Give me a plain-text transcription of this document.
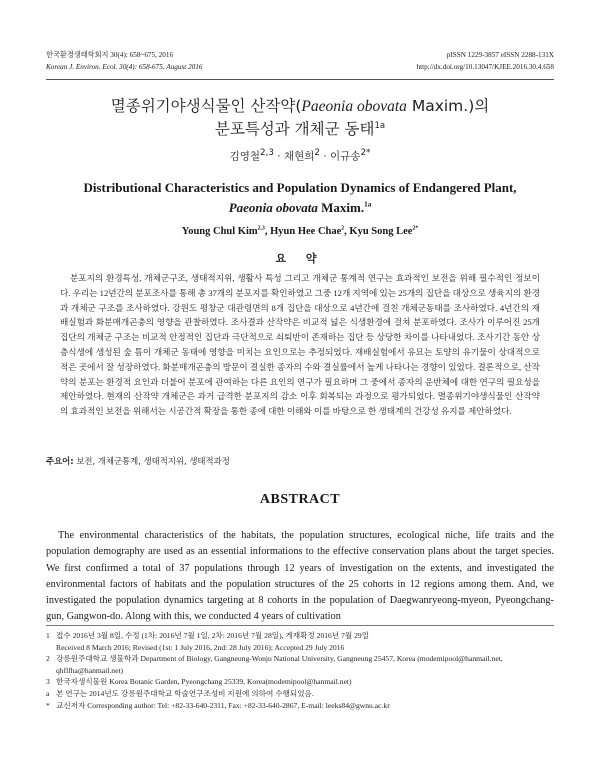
한국환경생태학회지 30(4): 658~675, 2016
Korean J. Environ. Ecol. 30(4): 658-675, August 2016
pISSN 1229-3857 eISSN 2288-131X
http://dx.doi.org/10.13047/KJEE.2016.30.4.658
멸종위기야생식물인 산작약(Paeonia obovata Maxim.)의
분포특성과 개체군 동태$^{1a}$
김영철$^{2,3}$ · 채현희$^2$ · 이규송$^{2*}$
Distributional Characteristics and Population Dynamics of Endangered Plant,
Paeonia obovata Maxim.$^{1a}$
Young Chul Kim$^{2,3}$, Hyun Hee Chae$^2$, Kyu Song Lee$^{2*}$
요 약
분포지의 환경특성, 개체군구조, 생태적지위, 생활사 특성 그리고 개체군 통계적 연구는 효과적인 보전을 위해 필수적인 정보이다. 우리는 12년간의 분포조사를 통해 총 37개의 분포지를 확인하였고 그중 12개 지역에 있는 25개의 집단을 대상으로 생육지의 환경과 개체군 구조를 조사하였다. 강원도 평창군 대관령면의 8개 집단을 대상으로 4년간에 걸친 개체군동태를 조사하였다. 4년간의 재배실험과 화분매개곤충의 영향을 관찰하였다. 조사결과 산작약은 비교적 넓은 식생환경에 걸쳐 분포하였다. 조사가 이루어진 25개 집단의 개체군 구조는 비교적 안정적인 집단과 극단적으로 쇠퇴반이 존재하는 집단 등 상당한 차이를 나타내었다. 조사기간 동안 상층식생에 생성된 숲 틈이 개체군 동태에 영향을 미치는 요인으로는 추정되었다. 재배실험에서 유묘는 토양의 유기물이 상대적으로 적은 곳에서 잘 성장하였다. 화분매개곤충의 방문이 결실한 종자의 수와 결실률에서 높게 나타나는 경향이 있었다. 결론적으로, 산작약의 분포는 환경적 요인과 더불어 분포에 관여하는 다른 요인의 연구가 필요하며 그 중에서 종자의 운반체에 대한 연구의 필요성을 제안하였다. 현재의 산작약 개체군은 과거 급격한 분포지의 감소 이후 회복되는 과정으로 평가되었다. 멸종위기야생식물인 산작약의 효과적인 보전을 위해서는 시공간적 확장을 통한 종에 대한 이해와 이를 바탕으로 한 생태계의 건강성 유지를 제안하였다.
주요어: 보전, 개체군통계, 생태적지위, 생태적과정
ABSTRACT
The environmental characteristics of the habitats, the population structures, ecological niche, life traits and the population demography are used as an essential informations to the effective conservation plans about the target species. We first confirmed a total of 37 populations through 12 years of investigation on the extents, and investigated the environmental factors of habitats and the population structures of the 25 cohorts in 12 regions among them. And, we investigated the population dynamics targeting at 8 cohorts in the population of Daegwanryeong-myeon, Pyeongchang-gun, Gangwon-do. Along with this, we conducted 4 years of cultivation
1 접수 2016년 3월 8일, 수정 (1차: 2016년 7월 1일, 2차: 2016년 7월 28일), 게재확정 2016년 7월 29일
Received 8 March 2016; Revised (1st: 1 July 2016, 2nd: 28 July 2016); Accepted 29 July 2016
2 강릉원주대학교 생물학과 Department of Biology, Gangneung-Wonju National University, Gangneung 25457, Korea (modemipool@hanmail.net, qhflfha@hanmail.net)
3 한국자생식물원 Korea Botanic Garden, Pyeongchang 25339, Korea(modemipool@hanmail.net)
a 본 연구는 2014년도 강릉원주대학교 학술연구조성비 지원에 의하여 수행되었음.
* 교신저자 Corresponding author: Tel: +82-33-640-2311, Fax: +82-33-640-2867, E-mail: leeks84@gwnu.ac.kr
